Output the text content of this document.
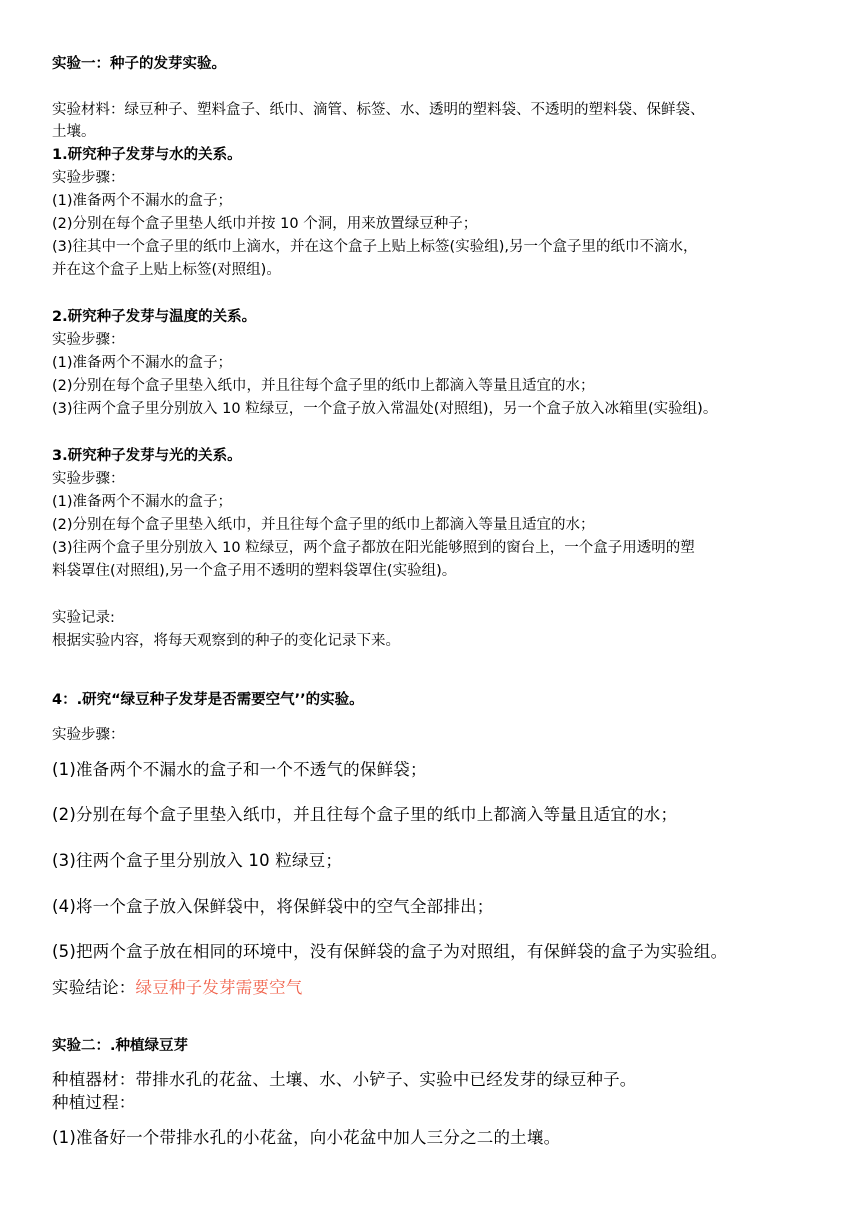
实验一：种子的发芽实验。
实验材料：绿豆种子、塑料盒子、纸巾、滴管、标签、水、透明的塑料袋、不透明的塑料袋、保鲜袋、
土壤。
1.研究种子发芽与水的关系。
实验步骤：
(1)准备两个不漏水的盒子；
(2)分别在每个盒子里垫人纸巾并按 10 个洞，用来放置绿豆种子；
(3)往其中一个盒子里的纸巾上滴水，并在这个盒子上贴上标签(实验组),另一个盒子里的纸巾不滴水，
并在这个盒子上贴上标签(对照组)。
2.研究种子发芽与温度的关系。
实验步骤：
(1)准备两个不漏水的盒子；
(2)分别在每个盒子里垫入纸巾，并且往每个盒子里的纸巾上都滴入等量且适宜的水；
(3)往两个盒子里分别放入 10 粒绿豆，一个盒子放入常温处(对照组)，另一个盒子放入冰箱里(实验组)。
3.研究种子发芽与光的关系。
实验步骤：
(1)准备两个不漏水的盒子；
(2)分别在每个盒子里垫入纸巾，并且往每个盒子里的纸巾上都滴入等量且适宜的水；
(3)往两个盒子里分别放入 10 粒绿豆，两个盒子都放在阳光能够照到的窗台上，一个盒子用透明的塑
料袋罩住(对照组),另一个盒子用不透明的塑料袋罩住(实验组)。
实验记录:
根据实验内容，将每天观察到的种子的变化记录下来。
4：.研究“绿豆种子发芽是否需要空气’’的实验。
实验步骤：
(1)准备两个不漏水的盒子和一个不透气的保鲜袋；
(2)分别在每个盒子里垫入纸巾，并且往每个盒子里的纸巾上都滴入等量且适宜的水；
(3)往两个盒子里分别放入 10 粒绿豆；
(4)将一个盒子放入保鲜袋中，将保鲜袋中的空气全部排出；
(5)把两个盒子放在相同的环境中，没有保鲜袋的盒子为对照组，有保鲜袋的盒子为实验组。
实验结论：绿豆种子发芽需要空气
实验二：.种植绿豆芽
种植器材：带排水孔的花盆、土壤、水、小铲子、实验中已经发芽的绿豆种子。
种植过程：
(1)准备好一个带排水孔的小花盆，向小花盆中加人三分之二的土壤。
